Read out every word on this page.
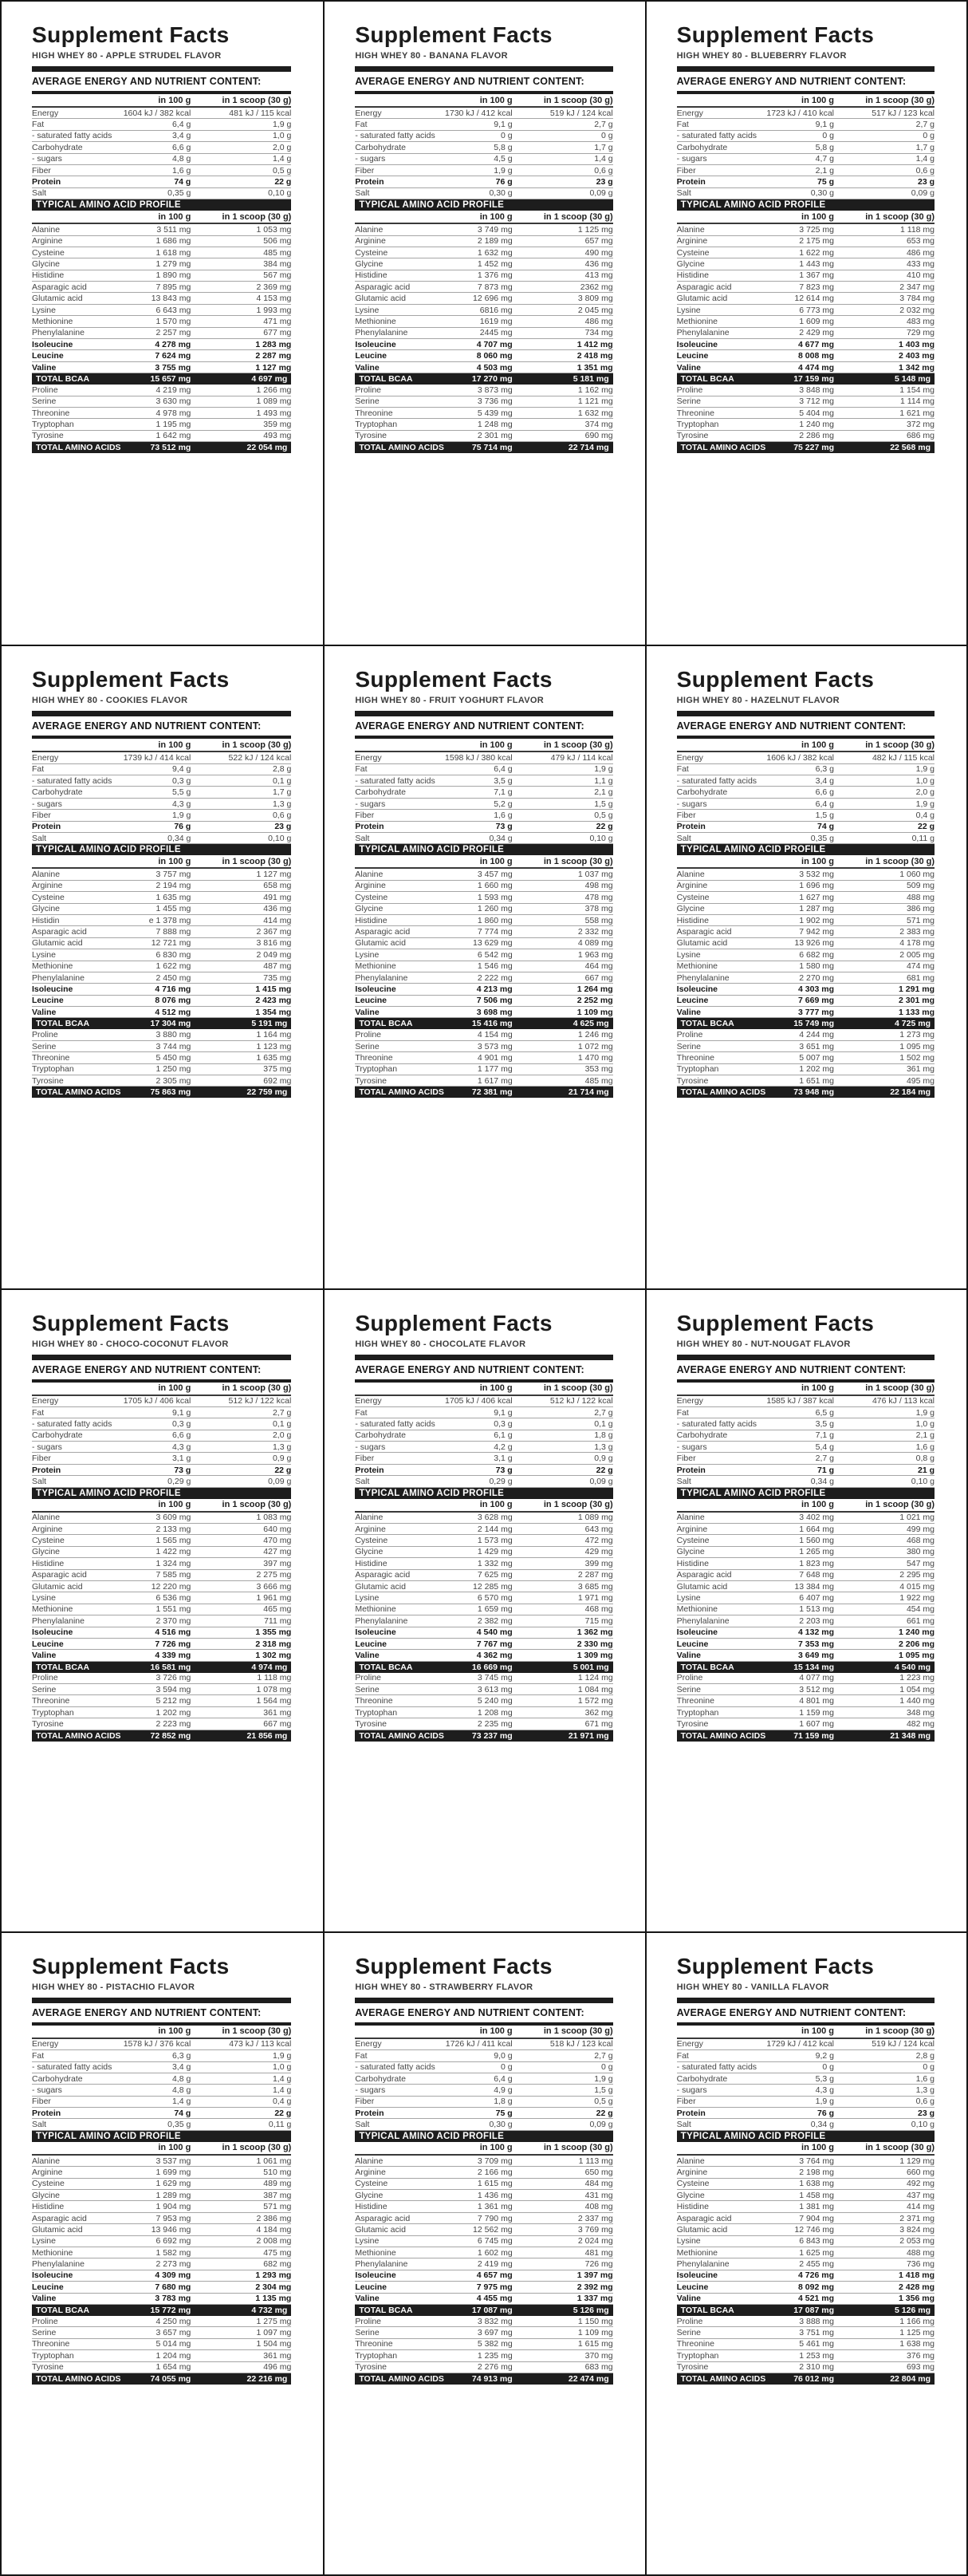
Supplement Facts
HIGH WHEY 80 - APPLE STRUDEL FLAVOR
AVERAGE ENERGY AND NUTRIENT CONTENT:
in 100 g	in 1 scoop (30 g)
Energy	1604 kJ / 382 kcal	481 kJ / 115 kcal
Fat	6,4 g	1,9 g
- saturated fatty acids	3,4 g	1,0 g
Carbohydrate	6,6 g	2,0 g
- sugars	4,8 g	1,4 g
Fiber	1,6 g	0,5 g
Protein	74 g	22 g
Salt	0,35 g	0,10 g
TYPICAL AMINO ACID PROFILE
in 100 g	in 1 scoop (30 g)
Alanine	3 511 mg	1 053 mg
Arginine	1 686 mg	506 mg
Cysteine	1 618 mg	485 mg
Glycine	1 279 mg	384 mg
Histidine	1 890 mg	567 mg
Asparagic acid	7 895 mg	2 369 mg
Glutamic acid	13 843 mg	4 153 mg
Lysine	6 643 mg	1 993 mg
Methionine	1 570 mg	471 mg
Phenylalanine	2 257 mg	677 mg
Isoleucine	4 278 mg	1 283 mg
Leucine	7 624 mg	2 287 mg
Valine	3 755 mg	1 127 mg
TOTAL BCAA	15 657 mg	4 697 mg
Proline	4 219 mg	1 266 mg
Serine	3 630 mg	1 089 mg
Threonine	4 978 mg	1 493 mg
Tryptophan	1 195 mg	359 mg
Tyrosine	1 642 mg	493 mg
TOTAL AMINO ACIDS	73 512 mg	22 054 mg
Supplement Facts
HIGH WHEY 80 - BANANA FLAVOR
AVERAGE ENERGY AND NUTRIENT CONTENT:
in 100 g	in 1 scoop (30 g)
Energy	1730 kJ / 412 kcal	519 kJ / 124 kcal
Fat	9,1 g	2,7 g
- saturated fatty acids	0 g	0 g
Carbohydrate	5,8 g	1,7 g
- sugars	4,5 g	1,4 g
Fiber	1,9 g	0,6 g
Protein	76 g	23 g
Salt	0,30 g	0,09 g
TYPICAL AMINO ACID PROFILE
in 100 g	in 1 scoop (30 g)
Alanine	3 749 mg	1 125 mg
Arginine	2 189 mg	657 mg
Cysteine	1 632 mg	490 mg
Glycine	1 452 mg	436 mg
Histidine	1 376 mg	413 mg
Asparagic acid	7 873 mg	2362 mg
Glutamic acid	12 696 mg	3 809 mg
Lysine	6816 mg	2 045 mg
Methionine	1619 mg	486 mg
Phenylalanine	2445 mg	734 mg
Isoleucine	4 707 mg	1 412 mg
Leucine	8 060 mg	2 418 mg
Valine	4 503 mg	1 351 mg
TOTAL BCAA	17 270 mg	5 181 mg
Proline	3 873 mg	1 162 mg
Serine	3 736 mg	1 121 mg
Threonine	5 439 mg	1 632 mg
Tryptophan	1 248 mg	374 mg
Tyrosine	2 301 mg	690 mg
TOTAL AMINO ACIDS	75 714 mg	22 714 mg
Supplement Facts
HIGH WHEY 80 - BLUEBERRY FLAVOR
AVERAGE ENERGY AND NUTRIENT CONTENT:
in 100 g	in 1 scoop (30 g)
Energy	1723 kJ / 410 kcal	517 kJ / 123 kcal
Fat	9,1 g	2,7 g
- saturated fatty acids	0 g	0 g
Carbohydrate	5,8 g	1,7 g
- sugars	4,7 g	1,4 g
Fiber	2,1 g	0,6 g
Protein	75 g	23 g
Salt	0,30 g	0,09 g
TYPICAL AMINO ACID PROFILE
in 100 g	in 1 scoop (30 g)
Alanine	3 725 mg	1 118 mg
Arginine	2 175 mg	653 mg
Cysteine	1 622 mg	486 mg
Glycine	1 443 mg	433 mg
Histidine	1 367 mg	410 mg
Asparagic acid	7 823 mg	2 347 mg
Glutamic acid	12 614 mg	3 784 mg
Lysine	6 773 mg	2 032 mg
Methionine	1 609 mg	483 mg
Phenylalanine	2 429 mg	729 mg
Isoleucine	4 677 mg	1 403 mg
Leucine	8 008 mg	2 403 mg
Valine	4 474 mg	1 342 mg
TOTAL BCAA	17 159 mg	5 148 mg
Proline	3 848 mg	1 154 mg
Serine	3 712 mg	1 114 mg
Threonine	5 404 mg	1 621 mg
Tryptophan	1 240 mg	372 mg
Tyrosine	2 286 mg	686 mg
TOTAL AMINO ACIDS	75 227 mg	22 568 mg
Supplement Facts
HIGH WHEY 80 - COOKIES FLAVOR
AVERAGE ENERGY AND NUTRIENT CONTENT:
in 100 g	in 1 scoop (30 g)
Energy	1739 kJ / 414 kcal	522 kJ / 124 kcal
Fat	9,4 g	2,8 g
- saturated fatty acids	0,3 g	0,1 g
Carbohydrate	5,5 g	1,7 g
- sugars	4,3 g	1,3 g
Fiber	1,9 g	0,6 g
Protein	76 g	23 g
Salt	0,34 g	0,10 g
TYPICAL AMINO ACID PROFILE
in 100 g	in 1 scoop (30 g)
Alanine	3 757 mg	1 127 mg
Arginine	2 194 mg	658 mg
Cysteine	1 635 mg	491 mg
Glycine	1 455 mg	436 mg
Histidin	e 1 378 mg	414 mg
Asparagic acid	7 888 mg	2 367 mg
Glutamic acid	12 721 mg	3 816 mg
Lysine	6 830 mg	2 049 mg
Methionine	1 622 mg	487 mg
Phenylalanine	2 450 mg	735 mg
Isoleucine	4 716 mg	1 415 mg
Leucine	8 076 mg	2 423 mg
Valine	4 512 mg	1 354 mg
TOTAL BCAA	17 304 mg	5 191 mg
Proline	3 880 mg	1 164 mg
Serine	3 744 mg	1 123 mg
Threonine	5 450 mg	1 635 mg
Tryptophan	1 250 mg	375 mg
Tyrosine	2 305 mg	692 mg
TOTAL AMINO ACIDS	75 863 mg	22 759 mg
Supplement Facts
HIGH WHEY 80 - FRUIT YOGHURT FLAVOR
AVERAGE ENERGY AND NUTRIENT CONTENT:
in 100 g	in 1 scoop (30 g)
Energy	1598 kJ / 380 kcal	479 kJ / 114 kcal
Fat	6,4 g	1,9 g
- saturated fatty acids	3,5 g	1,1 g
Carbohydrate	7,1 g	2,1 g
- sugars	5,2 g	1,5 g
Fiber	1,6 g	0,5 g
Protein	73 g	22 g
Salt	0,34 g	0,10 g
TYPICAL AMINO ACID PROFILE
in 100 g	in 1 scoop (30 g)
Alanine	3 457 mg	1 037 mg
Arginine	1 660 mg	498 mg
Cysteine	1 593 mg	478 mg
Glycine	1 260 mg	378 mg
Histidine	1 860 mg	558 mg
Asparagic acid	7 774 mg	2 332 mg
Glutamic acid	13 629 mg	4 089 mg
Lysine	6 542 mg	1 963 mg
Methionine	1 546 mg	464 mg
Phenylalanine	2 222 mg	667 mg
Isoleucine	4 213 mg	1 264 mg
Leucine	7 506 mg	2 252 mg
Valine	3 698 mg	1 109 mg
TOTAL BCAA	15 416 mg	4 625 mg
Proline	4 154 mg	1 246 mg
Serine	3 573 mg	1 072 mg
Threonine	4 901 mg	1 470 mg
Tryptophan	1 177 mg	353 mg
Tyrosine	1 617 mg	485 mg
TOTAL AMINO ACIDS	72 381 mg	21 714 mg
Supplement Facts
HIGH WHEY 80 - HAZELNUT FLAVOR
AVERAGE ENERGY AND NUTRIENT CONTENT:
in 100 g	in 1 scoop (30 g)
Energy	1606 kJ / 382 kcal	482 kJ / 115 kcal
Fat	6,3 g	1,9 g
- saturated fatty acids	3,4 g	1,0 g
Carbohydrate	6,6 g	2,0 g
- sugars	6,4 g	1,9 g
Fiber	1,5 g	0,4 g
Protein	74 g	22 g
Salt	0,35 g	0,11 g
TYPICAL AMINO ACID PROFILE
in 100 g	in 1 scoop (30 g)
Alanine	3 532 mg	1 060 mg
Arginine	1 696 mg	509 mg
Cysteine	1 627 mg	488 mg
Glycine	1 287 mg	386 mg
Histidine	1 902 mg	571 mg
Asparagic acid	7 942 mg	2 383 mg
Glutamic acid	13 926 mg	4 178 mg
Lysine	6 682 mg	2 005 mg
Methionine	1 580 mg	474 mg
Phenylalanine	2 270 mg	681 mg
Isoleucine	4 303 mg	1 291 mg
Leucine	7 669 mg	2 301 mg
Valine	3 777 mg	1 133 mg
TOTAL BCAA	15 749 mg	4 725 mg
Proline	4 244 mg	1 273 mg
Serine	3 651 mg	1 095 mg
Threonine	5 007 mg	1 502 mg
Tryptophan	1 202 mg	361 mg
Tyrosine	1 651 mg	495 mg
TOTAL AMINO ACIDS	73 948 mg	22 184 mg
Supplement Facts
HIGH WHEY 80 - CHOCO-COCONUT FLAVOR
AVERAGE ENERGY AND NUTRIENT CONTENT:
in 100 g	in 1 scoop (30 g)
Energy	1705 kJ / 406 kcal	512 kJ / 122 kcal
Fat	9,1 g	2,7 g
- saturated fatty acids	0,3 g	0,1 g
Carbohydrate	6,6 g	2,0 g
- sugars	4,3 g	1,3 g
Fiber	3,1 g	0,9 g
Protein	73 g	22 g
Salt	0,29 g	0,09 g
TYPICAL AMINO ACID PROFILE
in 100 g	in 1 scoop (30 g)
Alanine	3 609 mg	1 083 mg
Arginine	2 133 mg	640 mg
Cysteine	1 565 mg	470 mg
Glycine	1 422 mg	427 mg
Histidine	1 324 mg	397 mg
Asparagic acid	7 585 mg	2 275 mg
Glutamic acid	12 220 mg	3 666 mg
Lysine	6 536 mg	1 961 mg
Methionine	1 551 mg	465 mg
Phenylalanine	2 370 mg	711 mg
Isoleucine	4 516 mg	1 355 mg
Leucine	7 726 mg	2 318 mg
Valine	4 339 mg	1 302 mg
TOTAL BCAA	16 581 mg	4 974 mg
Proline	3 726 mg	1 118 mg
Serine	3 594 mg	1 078 mg
Threonine	5 212 mg	1 564 mg
Tryptophan	1 202 mg	361 mg
Tyrosine	2 223 mg	667 mg
TOTAL AMINO ACIDS	72 852 mg	21 856 mg
Supplement Facts
HIGH WHEY 80 - CHOCOLATE FLAVOR
AVERAGE ENERGY AND NUTRIENT CONTENT:
in 100 g	in 1 scoop (30 g)
Energy	1705 kJ / 406 kcal	512 kJ / 122 kcal
Fat	9,1 g	2,7 g
- saturated fatty acids	0,3 g	0,1 g
Carbohydrate	6,1 g	1,8 g
- sugars	4,2 g	1,3 g
Fiber	3,1 g	0,9 g
Protein	73 g	22 g
Salt	0,29 g	0,09 g
TYPICAL AMINO ACID PROFILE
in 100 g	in 1 scoop (30 g)
Alanine	3 628 mg	1 089 mg
Arginine	2 144 mg	643 mg
Cysteine	1 573 mg	472 mg
Glycine	1 429 mg	429 mg
Histidine	1 332 mg	399 mg
Asparagic acid	7 625 mg	2 287 mg
Glutamic acid	12 285 mg	3 685 mg
Lysine	6 570 mg	1 971 mg
Methionine	1 659 mg	468 mg
Phenylalanine	2 382 mg	715 mg
Isoleucine	4 540 mg	1 362 mg
Leucine	7 767 mg	2 330 mg
Valine	4 362 mg	1 309 mg
TOTAL BCAA	16 669 mg	5 001 mg
Proline	3 745 mg	1 124 mg
Serine	3 613 mg	1 084 mg
Threonine	5 240 mg	1 572 mg
Tryptophan	1 208 mg	362 mg
Tyrosine	2 235 mg	671 mg
TOTAL AMINO ACIDS	73 237 mg	21 971 mg
Supplement Facts
HIGH WHEY 80 - NUT-NOUGAT FLAVOR
AVERAGE ENERGY AND NUTRIENT CONTENT:
in 100 g	in 1 scoop (30 g)
Energy	1585 kJ / 387 kcal	476 kJ / 113 kcal
Fat	6,5 g	1,9 g
- saturated fatty acids	3,5 g	1,0 g
Carbohydrate	7,1 g	2,1 g
- sugars	5,4 g	1,6 g
Fiber	2,7 g	0,8 g
Protein	71 g	21 g
Salt	0,34 g	0,10 g
TYPICAL AMINO ACID PROFILE
in 100 g	in 1 scoop (30 g)
Alanine	3 402 mg	1 021 mg
Arginine	1 664 mg	499 mg
Cysteine	1 560 mg	468 mg
Glycine	1 265 mg	380 mg
Histidine	1 823 mg	547 mg
Asparagic acid	7 648 mg	2 295 mg
Glutamic acid	13 384 mg	4 015 mg
Lysine	6 407 mg	1 922 mg
Methionine	1 513 mg	454 mg
Phenylalanine	2 203 mg	661 mg
Isoleucine	4 132 mg	1 240 mg
Leucine	7 353 mg	2 206 mg
Valine	3 649 mg	1 095 mg
TOTAL BCAA	15 134 mg	4 540 mg
Proline	4 077 mg	1 223 mg
Serine	3 512 mg	1 054 mg
Threonine	4 801 mg	1 440 mg
Tryptophan	1 159 mg	348 mg
Tyrosine	1 607 mg	482 mg
TOTAL AMINO ACIDS	71 159 mg	21 348 mg
Supplement Facts
HIGH WHEY 80 - PISTACHIO FLAVOR
AVERAGE ENERGY AND NUTRIENT CONTENT:
in 100 g	in 1 scoop (30 g)
Energy	1578 kJ / 376 kcal	473 kJ / 113 kcal
Fat	6,3 g	1,9 g
- saturated fatty acids	3,4 g	1,0 g
Carbohydrate	4,8 g	1,4 g
- sugars	4,8 g	1,4 g
Fiber	1,4 g	0,4 g
Protein	74 g	22 g
Salt	0,35 g	0,11 g
TYPICAL AMINO ACID PROFILE
in 100 g	in 1 scoop (30 g)
Alanine	3 537 mg	1 061 mg
Arginine	1 699 mg	510 mg
Cysteine	1 629 mg	489 mg
Glycine	1 289 mg	387 mg
Histidine	1 904 mg	571 mg
Asparagic acid	7 953 mg	2 386 mg
Glutamic acid	13 946 mg	4 184 mg
Lysine	6 692 mg	2 008 mg
Methionine	1 582 mg	475 mg
Phenylalanine	2 273 mg	682 mg
Isoleucine	4 309 mg	1 293 mg
Leucine	7 680 mg	2 304 mg
Valine	3 783 mg	1 135 mg
TOTAL BCAA	15 772 mg	4 732 mg
Proline	4 250 mg	1 275 mg
Serine	3 657 mg	1 097 mg
Threonine	5 014 mg	1 504 mg
Tryptophan	1 204 mg	361 mg
Tyrosine	1 654 mg	496 mg
TOTAL AMINO ACIDS	74 055 mg	22 216 mg
Supplement Facts
HIGH WHEY 80 - STRAWBERRY FLAVOR
AVERAGE ENERGY AND NUTRIENT CONTENT:
in 100 g	in 1 scoop (30 g)
Energy	1726 kJ / 411 kcal	518 kJ / 123 kcal
Fat	9,0 g	2,7 g
- saturated fatty acids	0 g	0 g
Carbohydrate	6,4 g	1,9 g
- sugars	4,9 g	1,5 g
Fiber	1,8 g	0,5 g
Protein	75 g	22 g
Salt	0,30 g	0,09 g
TYPICAL AMINO ACID PROFILE
in 100 g	in 1 scoop (30 g)
Alanine	3 709 mg	1 113 mg
Arginine	2 166 mg	650 mg
Cysteine	1 615 mg	484 mg
Glycine	1 436 mg	431 mg
Histidine	1 361 mg	408 mg
Asparagic acid	7 790 mg	2 337 mg
Glutamic acid	12 562 mg	3 769 mg
Lysine	6 745 mg	2 024 mg
Methionine	1 602 mg	481 mg
Phenylalanine	2 419 mg	726 mg
Isoleucine	4 657 mg	1 397 mg
Leucine	7 975 mg	2 392 mg
Valine	4 455 mg	1 337 mg
TOTAL BCAA	17 087 mg	5 126 mg
Proline	3 832 mg	1 150 mg
Serine	3 697 mg	1 109 mg
Threonine	5 382 mg	1 615 mg
Tryptophan	1 235 mg	370 mg
Tyrosine	2 276 mg	683 mg
TOTAL AMINO ACIDS	74 913 mg	22 474 mg
Supplement Facts
HIGH WHEY 80 - VANILLA FLAVOR
AVERAGE ENERGY AND NUTRIENT CONTENT:
in 100 g	in 1 scoop (30 g)
Energy	1729 kJ / 412 kcal	519 kJ / 124 kcal
Fat	9,2 g	2,8 g
- saturated fatty acids	0 g	0 g
Carbohydrate	5,3 g	1,6 g
- sugars	4,3 g	1,3 g
Fiber	1,9 g	0,6 g
Protein	76 g	23 g
Salt	0,34 g	0,10 g
TYPICAL AMINO ACID PROFILE
in 100 g	in 1 scoop (30 g)
Alanine	3 764 mg	1 129 mg
Arginine	2 198 mg	660 mg
Cysteine	1 638 mg	492 mg
Glycine	1 458 mg	437 mg
Histidine	1 381 mg	414 mg
Asparagic acid	7 904 mg	2 371 mg
Glutamic acid	12 746 mg	3 824 mg
Lysine	6 843 mg	2 053 mg
Methionine	1 625 mg	488 mg
Phenylalanine	2 455 mg	736 mg
Isoleucine	4 726 mg	1 418 mg
Leucine	8 092 mg	2 428 mg
Valine	4 521 mg	1 356 mg
TOTAL BCAA	17 087 mg	5 126 mg
Proline	3 888 mg	1 166 mg
Serine	3 751 mg	1 125 mg
Threonine	5 461 mg	1 638 mg
Tryptophan	1 253 mg	376 mg
Tyrosine	2 310 mg	693 mg
TOTAL AMINO ACIDS	76 012 mg	22 804 mg
